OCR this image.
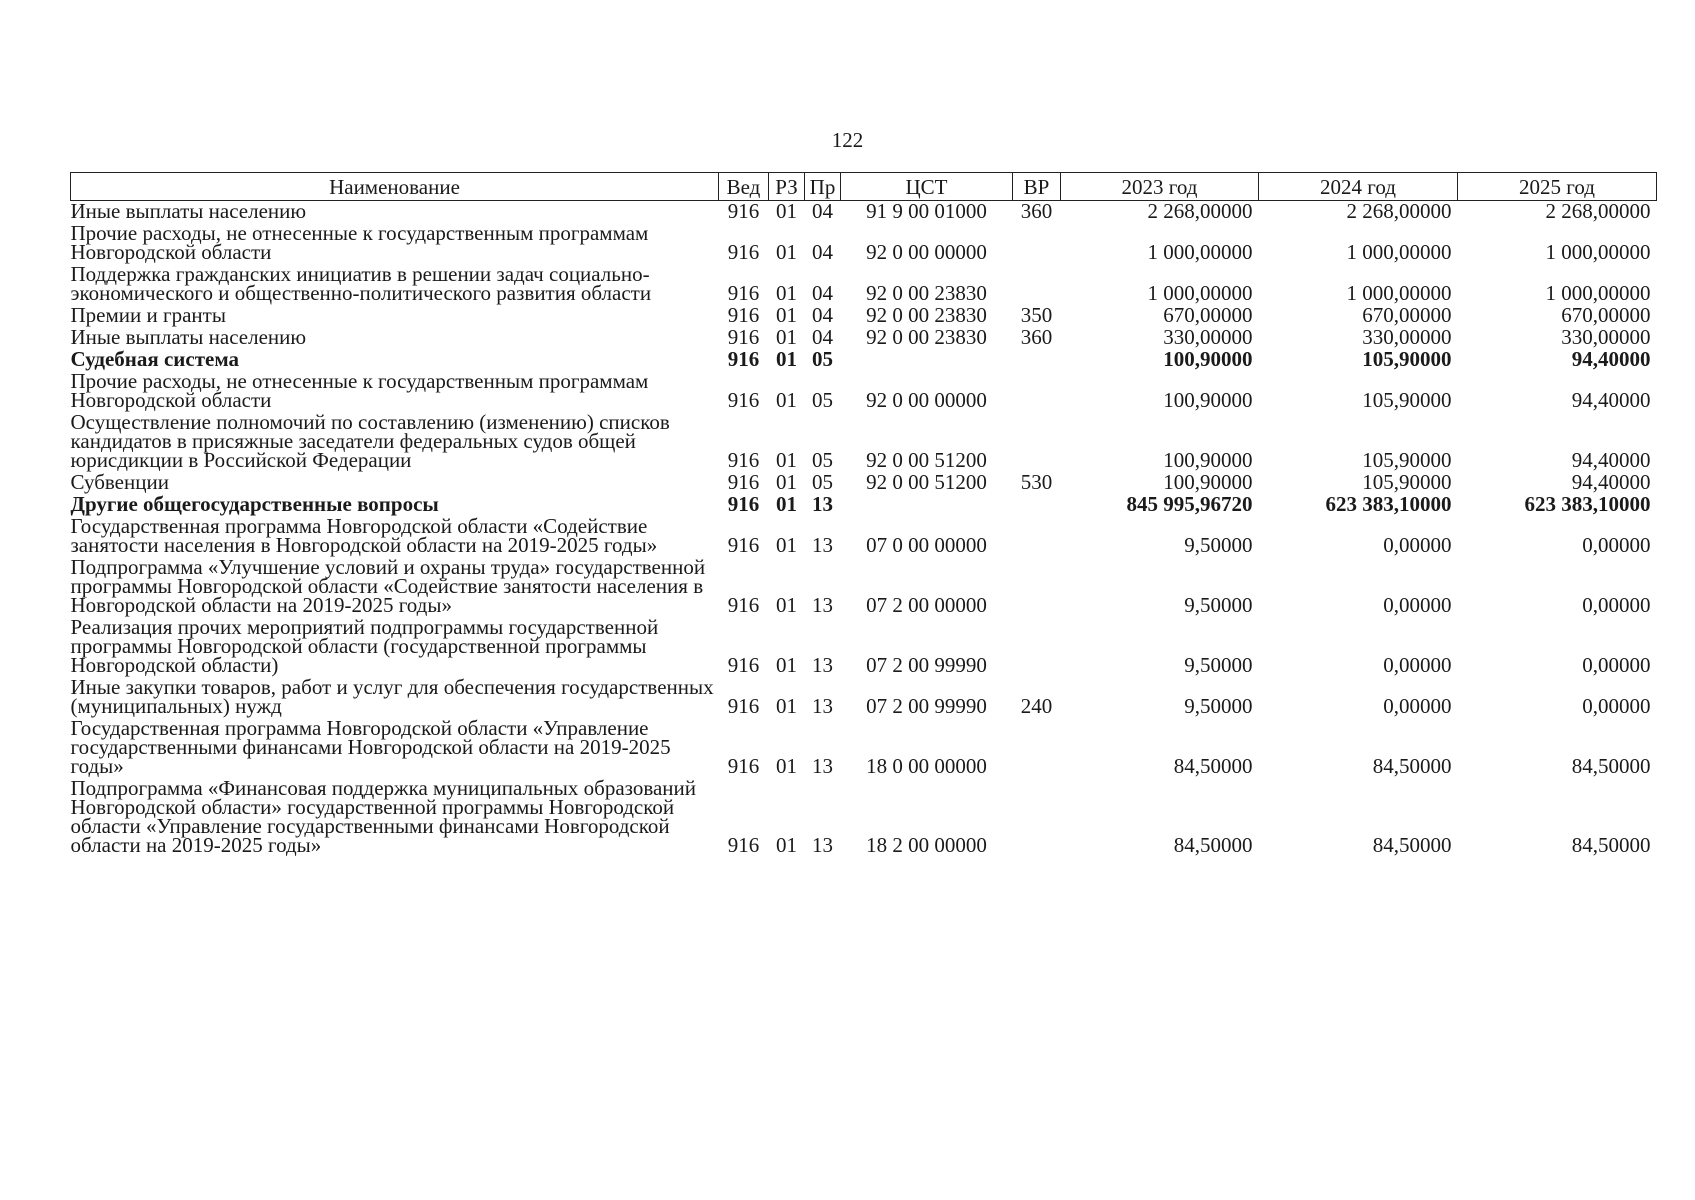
122
Наименование	Вед	РЗ	Пр	ЦСТ	ВР	2023 год	2024 год	2025 год
Иные выплаты населению	916	01	04	91 9 00 01000	360	2 268,00000	2 268,00000	2 268,00000
Прочие расходы, не отнесенные к государственным программам Новгородской области	916	01	04	92 0 00 00000		1 000,00000	1 000,00000	1 000,00000
Поддержка гражданских инициатив в решении задач социально-экономического и общественно-политического развития области	916	01	04	92 0 00 23830		1 000,00000	1 000,00000	1 000,00000
Премии и гранты	916	01	04	92 0 00 23830	350	670,00000	670,00000	670,00000
Иные выплаты населению	916	01	04	92 0 00 23830	360	330,00000	330,00000	330,00000
Судебная система	916	01	05			100,90000	105,90000	94,40000
Прочие расходы, не отнесенные к государственным программам Новгородской области	916	01	05	92 0 00 00000		100,90000	105,90000	94,40000
Осуществление полномочий по составлению (изменению) списков кандидатов в присяжные заседатели федеральных судов общей юрисдикции в Российской Федерации	916	01	05	92 0 00 51200		100,90000	105,90000	94,40000
Субвенции	916	01	05	92 0 00 51200	530	100,90000	105,90000	94,40000
Другие общегосударственные вопросы	916	01	13			845 995,96720	623 383,10000	623 383,10000
Государственная программа Новгородской области «Содействие занятости населения в Новгородской области на 2019-2025 годы»	916	01	13	07 0 00 00000		9,50000	0,00000	0,00000
Подпрограмма «Улучшение условий и охраны труда» государственной программы Новгородской области «Содействие занятости населения в Новгородской области на 2019-2025 годы»	916	01	13	07 2 00 00000		9,50000	0,00000	0,00000
Реализация прочих мероприятий подпрограммы государственной программы Новгородской области (государственной программы Новгородской области)	916	01	13	07 2 00 99990		9,50000	0,00000	0,00000
Иные закупки товаров, работ и услуг для обеспечения государственных (муниципальных) нужд	916	01	13	07 2 00 99990	240	9,50000	0,00000	0,00000
Государственная программа Новгородской области «Управление государственными финансами Новгородской области на 2019-2025 годы»	916	01	13	18 0 00 00000		84,50000	84,50000	84,50000
Подпрограмма «Финансовая поддержка муниципальных образований Новгородской области» государственной программы Новгородской области «Управление государственными финансами Новгородской области на 2019-2025 годы»	916	01	13	18 2 00 00000		84,50000	84,50000	84,50000
